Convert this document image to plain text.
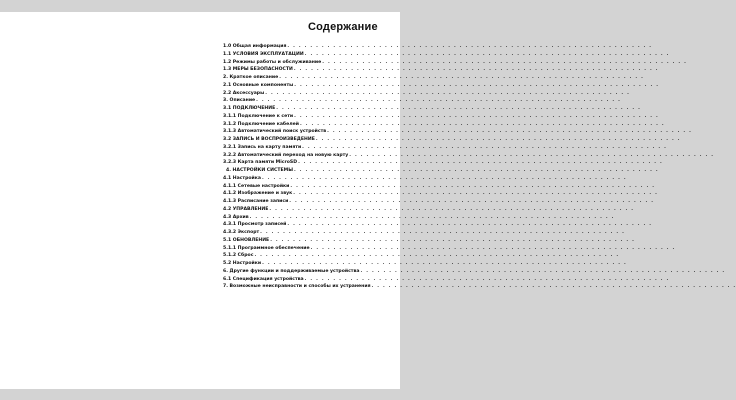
Содержание
1.0 Общая информация . . . . . . . . . . . . . . . . . . . . . . . . . . . . . . . . . . . . . . . . . . . . . . . . . . . . . . . . . . . . . . . .
1.1 УСЛОВИЯ ЭКСПЛУАТАЦИИ . . . . . . . . . . . . . . . . . . . . . . . . . . . . . . . . . . . . . . . . . . . . . . . . . . . . . . . . . . . . . . . .
1.2 Режимы работы и обслуживание . . . . . . . . . . . . . . . . . . . . . . . . . . . . . . . . . . . . . . . . . . . . . . . . . . . . . . . . . . . . . . . .
1.3 МЕРЫ БЕЗОПАСНОСТИ . . . . . . . . . . . . . . . . . . . . . . . . . . . . . . . . . . . . . . . . . . . . . . . . . . . . . . . . . . . . . . . .
2. Краткое описание . . . . . . . . . . . . . . . . . . . . . . . . . . . . . . . . . . . . . . . . . . . . . . . . . . . . . . . . . . . . . . . .
2.1 Основные компоненты . . . . . . . . . . . . . . . . . . . . . . . . . . . . . . . . . . . . . . . . . . . . . . . . . . . . . . . . . . . . . . . .
2.2 Аксессуары . . . . . . . . . . . . . . . . . . . . . . . . . . . . . . . . . . . . . . . . . . . . . . . . . . . . . . . . . . . . . . . .
3. Описание . . . . . . . . . . . . . . . . . . . . . . . . . . . . . . . . . . . . . . . . . . . . . . . . . . . . . . . . . . . . . . . .
3.1 ПОДКЛЮЧЕНИЕ . . . . . . . . . . . . . . . . . . . . . . . . . . . . . . . . . . . . . . . . . . . . . . . . . . . . . . . . . . . . . . . .
3.1.1 Подключение к сети . . . . . . . . . . . . . . . . . . . . . . . . . . . . . . . . . . . . . . . . . . . . . . . . . . . . . . . . . . . . . . . .
3.1.2 Подключение кабелей . . . . . . . . . . . . . . . . . . . . . . . . . . . . . . . . . . . . . . . . . . . . . . . . . . . . . . . . . . . . . . . .
3.1.3 Автоматический поиск устройств . . . . . . . . . . . . . . . . . . . . . . . . . . . . . . . . . . . . . . . . . . . . . . . . . . . . . . . . . . . . . . . .
3.2 ЗАПИСЬ И ВОСПРОИЗВЕДЕНИЕ . . . . . . . . . . . . . . . . . . . . . . . . . . . . . . . . . . . . . . . . . . . . . . . . . . . . . . . . . . . . . . . .
3.2.1 Запись на карту памяти . . . . . . . . . . . . . . . . . . . . . . . . . . . . . . . . . . . . . . . . . . . . . . . . . . . . . . . . . . . . . . . .
3.2.2 Автоматический переход на новую карту . . . . . . . . . . . . . . . . . . . . . . . . . . . . . . . . . . . . . . . . . . . . . . . . . . . . . . . . . . . . . . . .
3.2.3 Карта памяти MicroSD . . . . . . . . . . . . . . . . . . . . . . . . . . . . . . . . . . . . . . . . . . . . . . . . . . . . . . . . . . . . . . . .
4. НАСТРОЙКИ СИСТЕМЫ . . . . . . . . . . . . . . . . . . . . . . . . . . . . . . . . . . . . . . . . . . . . . . . . . . . . . . . . . . . . . . . .
4.1 Настройка . . . . . . . . . . . . . . . . . . . . . . . . . . . . . . . . . . . . . . . . . . . . . . . . . . . . . . . . . . . . . . . .
4.1.1 Сетевые настройки . . . . . . . . . . . . . . . . . . . . . . . . . . . . . . . . . . . . . . . . . . . . . . . . . . . . . . . . . . . . . . . .
4.1.2 Изображение и звук . . . . . . . . . . . . . . . . . . . . . . . . . . . . . . . . . . . . . . . . . . . . . . . . . . . . . . . . . . . . . . . .
4.1.3 Расписание записи . . . . . . . . . . . . . . . . . . . . . . . . . . . . . . . . . . . . . . . . . . . . . . . . . . . . . . . . . . . . . . . .
4.2 УПРАВЛЕНИЕ . . . . . . . . . . . . . . . . . . . . . . . . . . . . . . . . . . . . . . . . . . . . . . . . . . . . . . . . . . . . . . . .
4.3 Архив . . . . . . . . . . . . . . . . . . . . . . . . . . . . . . . . . . . . . . . . . . . . . . . . . . . . . . . . . . . . . . . .
4.3.1 Просмотр записей . . . . . . . . . . . . . . . . . . . . . . . . . . . . . . . . . . . . . . . . . . . . . . . . . . . . . . . . . . . . . . . .
4.3.2 Экспорт . . . . . . . . . . . . . . . . . . . . . . . . . . . . . . . . . . . . . . . . . . . . . . . . . . . . . . . . . . . . . . . .
5.1 ОБНОВЛЕНИЕ . . . . . . . . . . . . . . . . . . . . . . . . . . . . . . . . . . . . . . . . . . . . . . . . . . . . . . . . . . . . . . . .
5.1.1 Программное обеспечение . . . . . . . . . . . . . . . . . . . . . . . . . . . . . . . . . . . . . . . . . . . . . . . . . . . . . . . . . . . . . . . .
5.1.2 Сброс . . . . . . . . . . . . . . . . . . . . . . . . . . . . . . . . . . . . . . . . . . . . . . . . . . . . . . . . . . . . . . . .
5.2 Настройки . . . . . . . . . . . . . . . . . . . . . . . . . . . . . . . . . . . . . . . . . . . . . . . . . . . . . . . . . . . . . . . .
6. Другие функции и поддерживаемые устройства . . . . . . . . . . . . . . . . . . . . . . . . . . . . . . . . . . . . . . . . . . . . . . . . . . . . . . . . . . . . . . . .
6.1 Спецификация устройства . . . . . . . . . . . . . . . . . . . . . . . . . . . . . . . . . . . . . . . . . . . . . . . . . . . . . . . . . . . . . . . .
7. Возможные неисправности и способы их устранения . . . . . . . . . . . . . . . . . . . . . . . . . . . . . . . . . . . . . . . . . . . . . . . . . . . . . . . . . . . . . . . .
